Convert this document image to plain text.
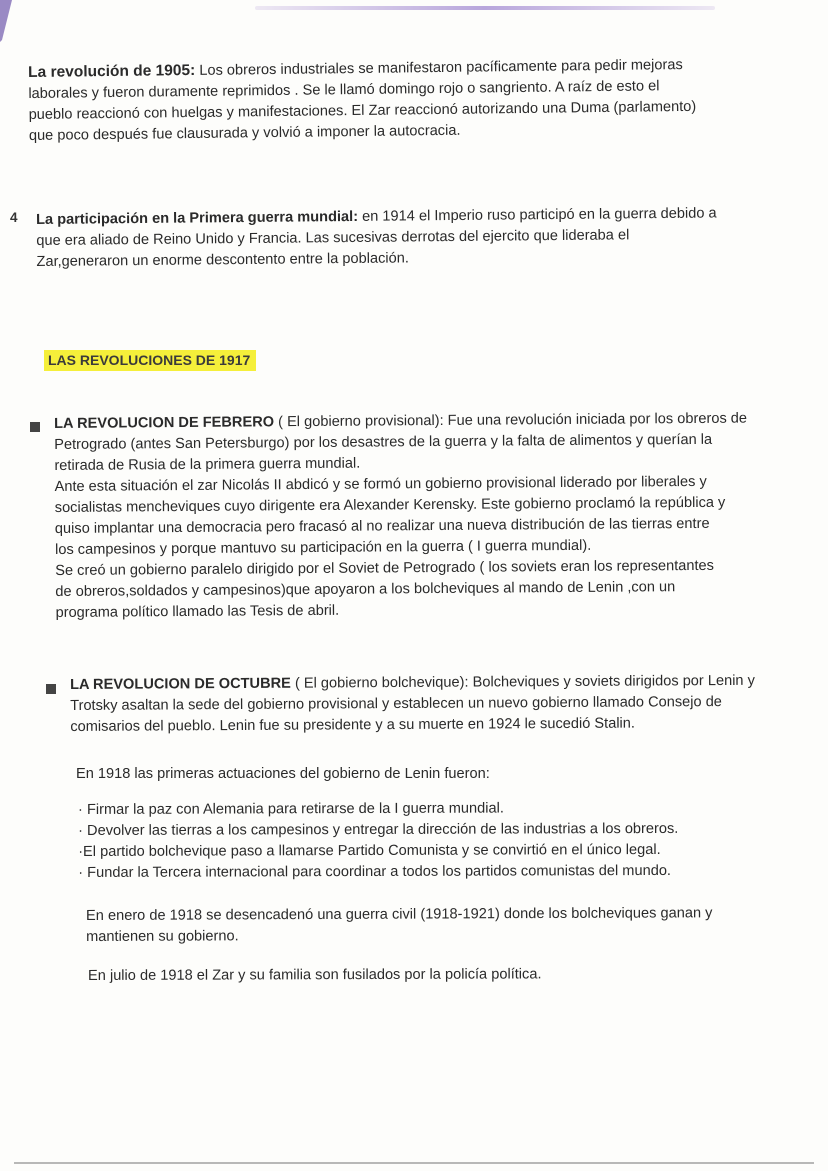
La revolución de 1905: Los obreros industriales se manifestaron pacíficamente para pedir mejoras
laborales y fueron duramente reprimidos . Se le llamó domingo rojo o sangriento. A raíz de esto el
pueblo reaccionó con huelgas y manifestaciones. El Zar reaccionó autorizando una Duma (parlamento)
que poco después fue clausurada y volvió a imponer la autocracia.
4 La participación en la Primera guerra mundial: en 1914 el Imperio ruso participó en la guerra debido a
que era aliado de Reino Unido y Francia. Las sucesivas derrotas del ejercito que lideraba el
Zar,generaron un enorme descontento entre la población.
LAS REVOLUCIONES DE 1917
LA REVOLUCION DE FEBRERO ( El gobierno provisional): Fue una revolución iniciada por los obreros de
Petrogrado (antes San Petersburgo) por los desastres de la guerra y la falta de alimentos y querían la
retirada de Rusia de la primera guerra mundial.
Ante esta situación el zar Nicolás II abdicó y se formó un gobierno provisional liderado por liberales y
socialistas mencheviques cuyo dirigente era Alexander Kerensky. Este gobierno proclamó la república y
quiso implantar una democracia pero fracasó al no realizar una nueva distribución de las tierras entre
los campesinos y porque mantuvo su participación en la guerra ( I guerra mundial).
Se creó un gobierno paralelo dirigido por el Soviet de Petrogrado ( los soviets eran los representantes
de obreros,soldados y campesinos)que apoyaron a los bolcheviques al mando de Lenin ,con un
programa político llamado las Tesis de abril.
LA REVOLUCION DE OCTUBRE ( El gobierno bolchevique): Bolcheviques y soviets dirigidos por Lenin y
Trotsky asaltan la sede del gobierno provisional y establecen un nuevo gobierno llamado Consejo de
comisarios del pueblo. Lenin fue su presidente y a su muerte en 1924 le sucedió Stalin.
En 1918 las primeras actuaciones del gobierno de Lenin fueron:
· Firmar la paz con Alemania para retirarse de la I guerra mundial.
· Devolver las tierras a los campesinos y entregar la dirección de las industrias a los obreros.
·El partido bolchevique paso a llamarse Partido Comunista y se convirtió en el único legal.
· Fundar la Tercera internacional para coordinar a todos los partidos comunistas del mundo.
En enero de 1918 se desencadenó una guerra civil (1918-1921) donde los bolcheviques ganan y
mantienen su gobierno.
En julio de 1918 el Zar y su familia son fusilados por la policía política.
